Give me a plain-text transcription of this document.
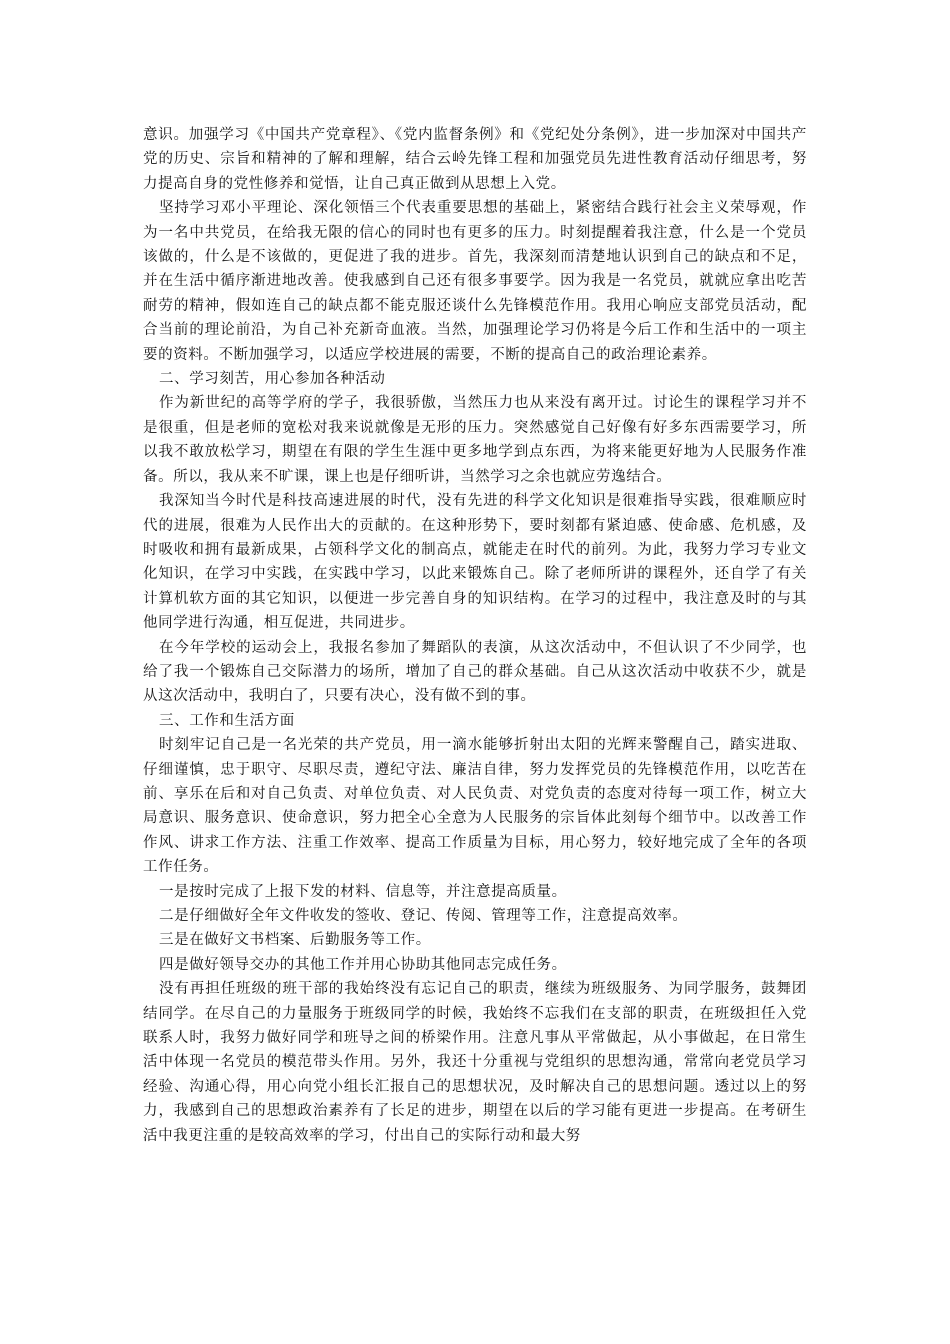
意识。加强学习《中国共产党章程》、《党内监督条例》和《党纪处分条例》，进一步加深对中国共产党的历史、宗旨和精神的了解和理解，结合云岭先锋工程和加强党员先进性教育活动仔细思考，努力提高自身的党性修养和觉悟，让自己真正做到从思想上入党。

坚持学习邓小平理论、深化领悟三个代表重要思想的基础上，紧密结合践行社会主义荣辱观，作为一名中共党员，在给我无限的信心的同时也有更多的压力。时刻提醒着我注意，什么是一个党员该做的，什么是不该做的，更促进了我的进步。首先，我深刻而清楚地认识到自己的缺点和不足，并在生活中循序渐进地改善。使我感到自己还有很多事要学。因为我是一名党员，就就应拿出吃苦耐劳的精神，假如连自己的缺点都不能克服还谈什么先锋模范作用。我用心响应支部党员活动，配合当前的理论前沿，为自己补充新奇血液。当然，加强理论学习仍将是今后工作和生活中的一项主要的资料。不断加强学习，以适应学校进展的需要，不断的提高自己的政治理论素养。

二、学习刻苦，用心参加各种活动

作为新世纪的高等学府的学子，我很骄傲，当然压力也从来没有离开过。讨论生的课程学习并不是很重，但是老师的宽松对我来说就像是无形的压力。突然感觉自己好像有好多东西需要学习，所以我不敢放松学习，期望在有限的学生生涯中更多地学到点东西，为将来能更好地为人民服务作准备。所以，我从来不旷课，课上也是仔细听讲，当然学习之余也就应劳逸结合。

我深知当今时代是科技高速进展的时代，没有先进的科学文化知识是很难指导实践，很难顺应时代的进展，很难为人民作出大的贡献的。在这种形势下，要时刻都有紧迫感、使命感、危机感，及时吸收和拥有最新成果，占领科学文化的制高点，就能走在时代的前列。为此，我努力学习专业文化知识，在学习中实践，在实践中学习，以此来锻炼自己。除了老师所讲的课程外，还自学了有关计算机软方面的其它知识，以便进一步完善自身的知识结构。在学习的过程中，我注意及时的与其他同学进行沟通，相互促进，共同进步。

在今年学校的运动会上，我报名参加了舞蹈队的表演，从这次活动中，不但认识了不少同学，也给了我一个锻炼自己交际潜力的场所，增加了自己的群众基础。自己从这次活动中收获不少，就是从这次活动中，我明白了，只要有决心，没有做不到的事。

三、工作和生活方面

时刻牢记自己是一名光荣的共产党员，用一滴水能够折射出太阳的光辉来警醒自己，踏实进取、仔细谨慎，忠于职守、尽职尽责，遵纪守法、廉洁自律，努力发挥党员的先锋模范作用，以吃苦在前、享乐在后和对自己负责、对单位负责、对人民负责、对党负责的态度对待每一项工作，树立大局意识、服务意识、使命意识，努力把全心全意为人民服务的宗旨体此刻每个细节中。以改善工作作风、讲求工作方法、注重工作效率、提高工作质量为目标，用心努力，较好地完成了全年的各项工作任务。

一是按时完成了上报下发的材料、信息等，并注意提高质量。

二是仔细做好全年文件收发的签收、登记、传阅、管理等工作，注意提高效率。

三是在做好文书档案、后勤服务等工作。

四是做好领导交办的其他工作并用心协助其他同志完成任务。

没有再担任班级的班干部的我始终没有忘记自己的职责，继续为班级服务、为同学服务，鼓舞团结同学。在尽自己的力量服务于班级同学的时候，我始终不忘我们在支部的职责，在班级担任入党联系人时，我努力做好同学和班导之间的桥梁作用。注意凡事从平常做起，从小事做起，在日常生活中体现一名党员的模范带头作用。另外，我还十分重视与党组织的思想沟通，常常向老党员学习经验、沟通心得，用心向党小组长汇报自己的思想状况，及时解决自己的思想问题。透过以上的努力，我感到自己的思想政治素养有了长足的进步，期望在以后的学习能有更进一步提高。在考研生活中我更注重的是较高效率的学习，付出自己的实际行动和最大努
